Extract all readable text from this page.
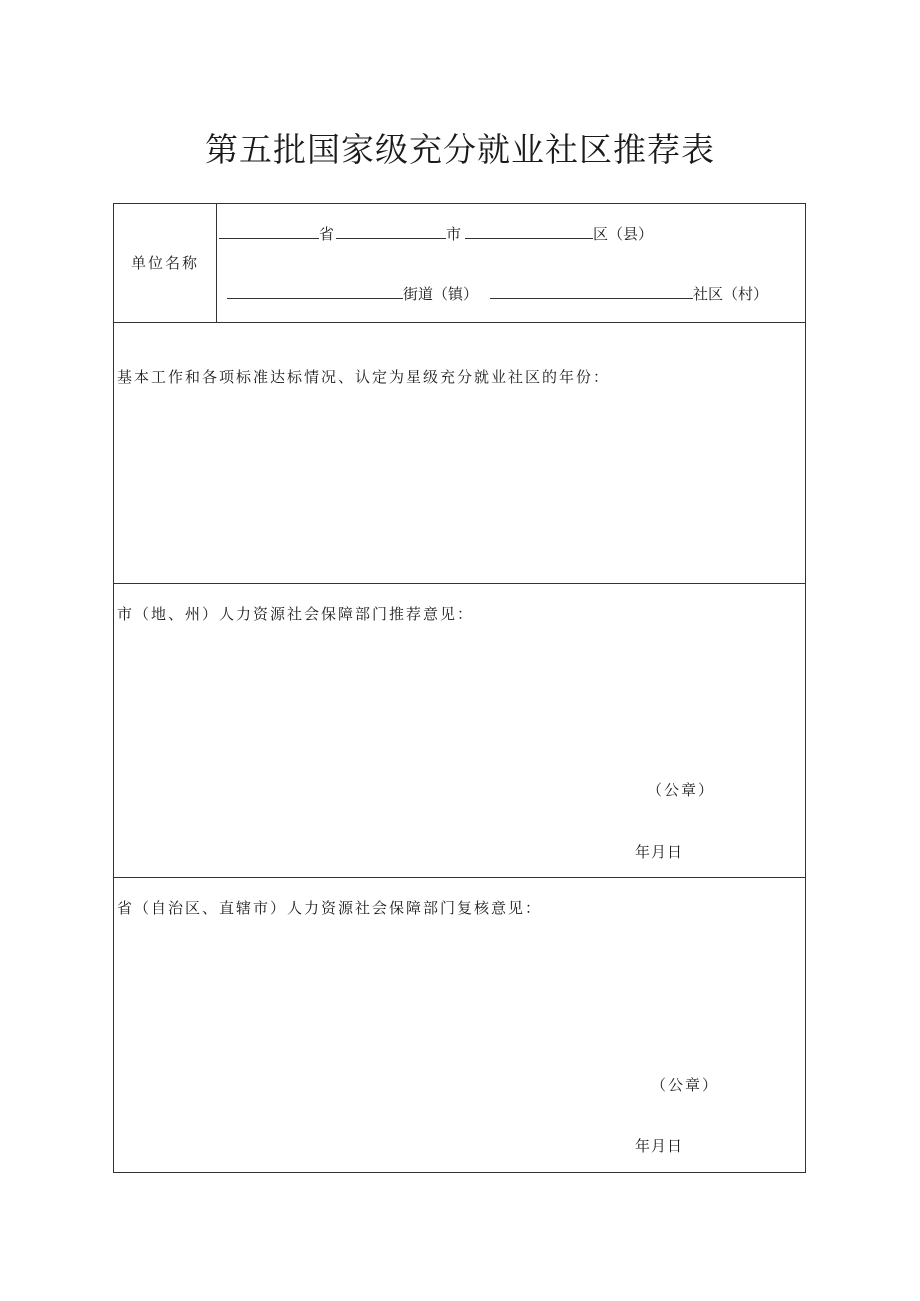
第五批国家级充分就业社区推荐表
单位名称
省	市	区（县）
街道（镇）	社区（村）
基本工作和各项标准达标情况、认定为星级充分就业社区的年份：
市（地、州）人力资源社会保障部门推荐意见：
（公章）
年月日
省（自治区、直辖市）人力资源社会保障部门复核意见：
（公章）
年月日
